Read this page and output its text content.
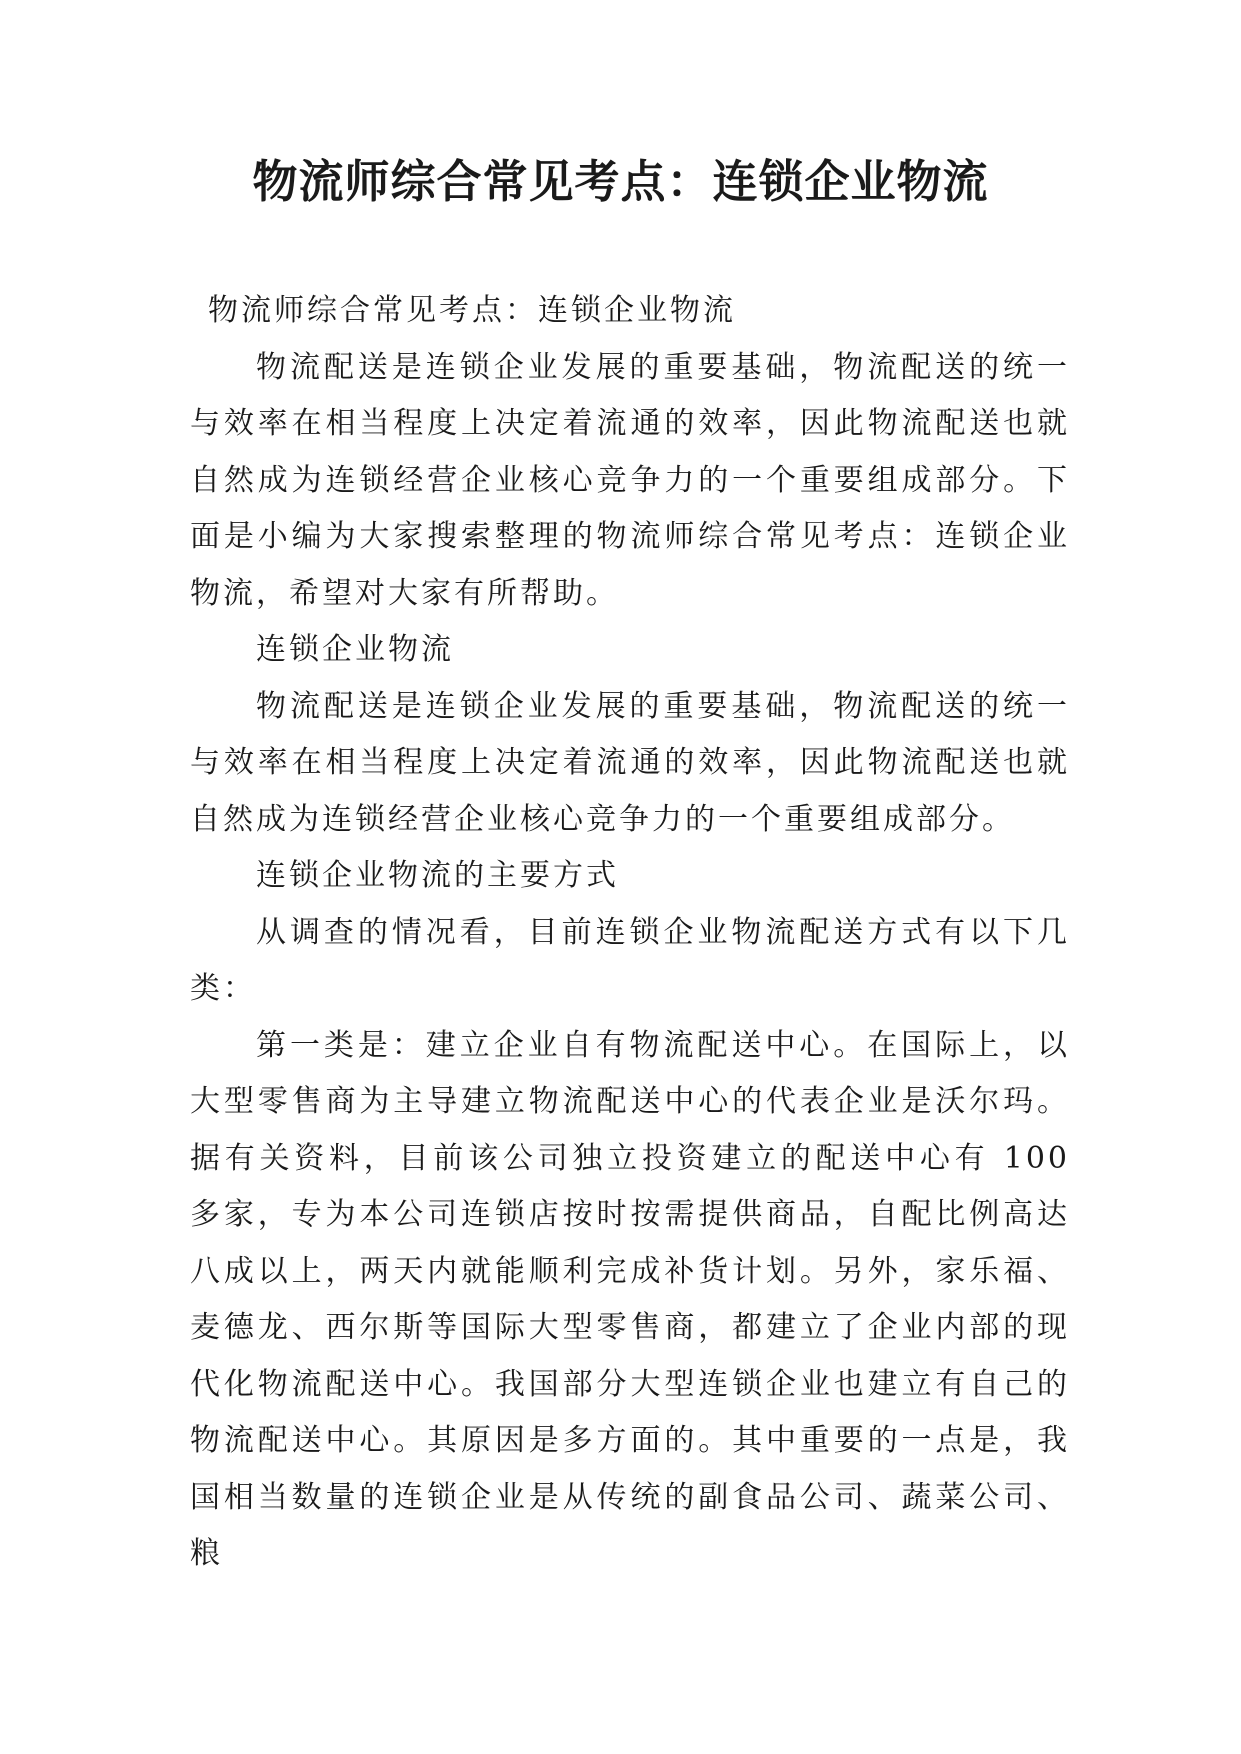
物流师综合常见考点：连锁企业物流

物流师综合常见考点：连锁企业物流

物流配送是连锁企业发展的重要基础，物流配送的统一与效率在相当程度上决定着流通的效率，因此物流配送也就自然成为连锁经营企业核心竞争力的一个重要组成部分。下面是小编为大家搜索整理的物流师综合常见考点：连锁企业物流，希望对大家有所帮助。

连锁企业物流

物流配送是连锁企业发展的重要基础，物流配送的统一与效率在相当程度上决定着流通的效率，因此物流配送也就自然成为连锁经营企业核心竞争力的一个重要组成部分。

连锁企业物流的主要方式

从调查的情况看，目前连锁企业物流配送方式有以下几类：

第一类是：建立企业自有物流配送中心。在国际上，以大型零售商为主导建立物流配送中心的代表企业是沃尔玛。据有关资料，目前该公司独立投资建立的配送中心有 100 多家，专为本公司连锁店按时按需提供商品，自配比例高达八成以上，两天内就能顺利完成补货计划。另外，家乐福、麦德龙、西尔斯等国际大型零售商，都建立了企业内部的现代化物流配送中心。我国部分大型连锁企业也建立有自己的物流配送中心。其原因是多方面的。其中重要的一点是，我国相当数量的连锁企业是从传统的副食品公司、蔬菜公司、粮
